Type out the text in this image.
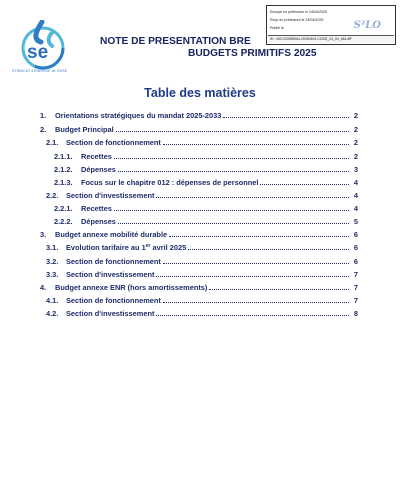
se
SYNDICAT d'ENERGIE de l'OISE
NOTE DE PRESENTATION BRE
BUDGETS PRIMITIFS 2025
Envoyé en préfecture le 24/04/2025
Reçu en préfecture le 24/04/2025
Publié le	S²LO
ID : 060-200059064-20250404-C2025_04_04_18A-BF
Table des matières
1.	Orientations stratégiques du mandat 2025-2033	2
2.	Budget Principal	2
2.1.	Section de fonctionnement	2
2.1.1.	Recettes	2
2.1.2.	Dépenses	3
2.1.3.	Focus sur le chapitre 012 : dépenses de personnel	4
2.2.	Section d'investissement	4
2.2.1.	Recettes	4
2.2.2.	Dépenses	5
3.	Budget annexe mobilité durable	6
3.1.	Evolution tarifaire au 1er avril 2025	6
3.2.	Section de fonctionnement	6
3.3.	Section d'investissement	7
4.	Budget annexe ENR (hors amortissements)	7
4.1.	Section de fonctionnement	7
4.2.	Section d'investissement	8
